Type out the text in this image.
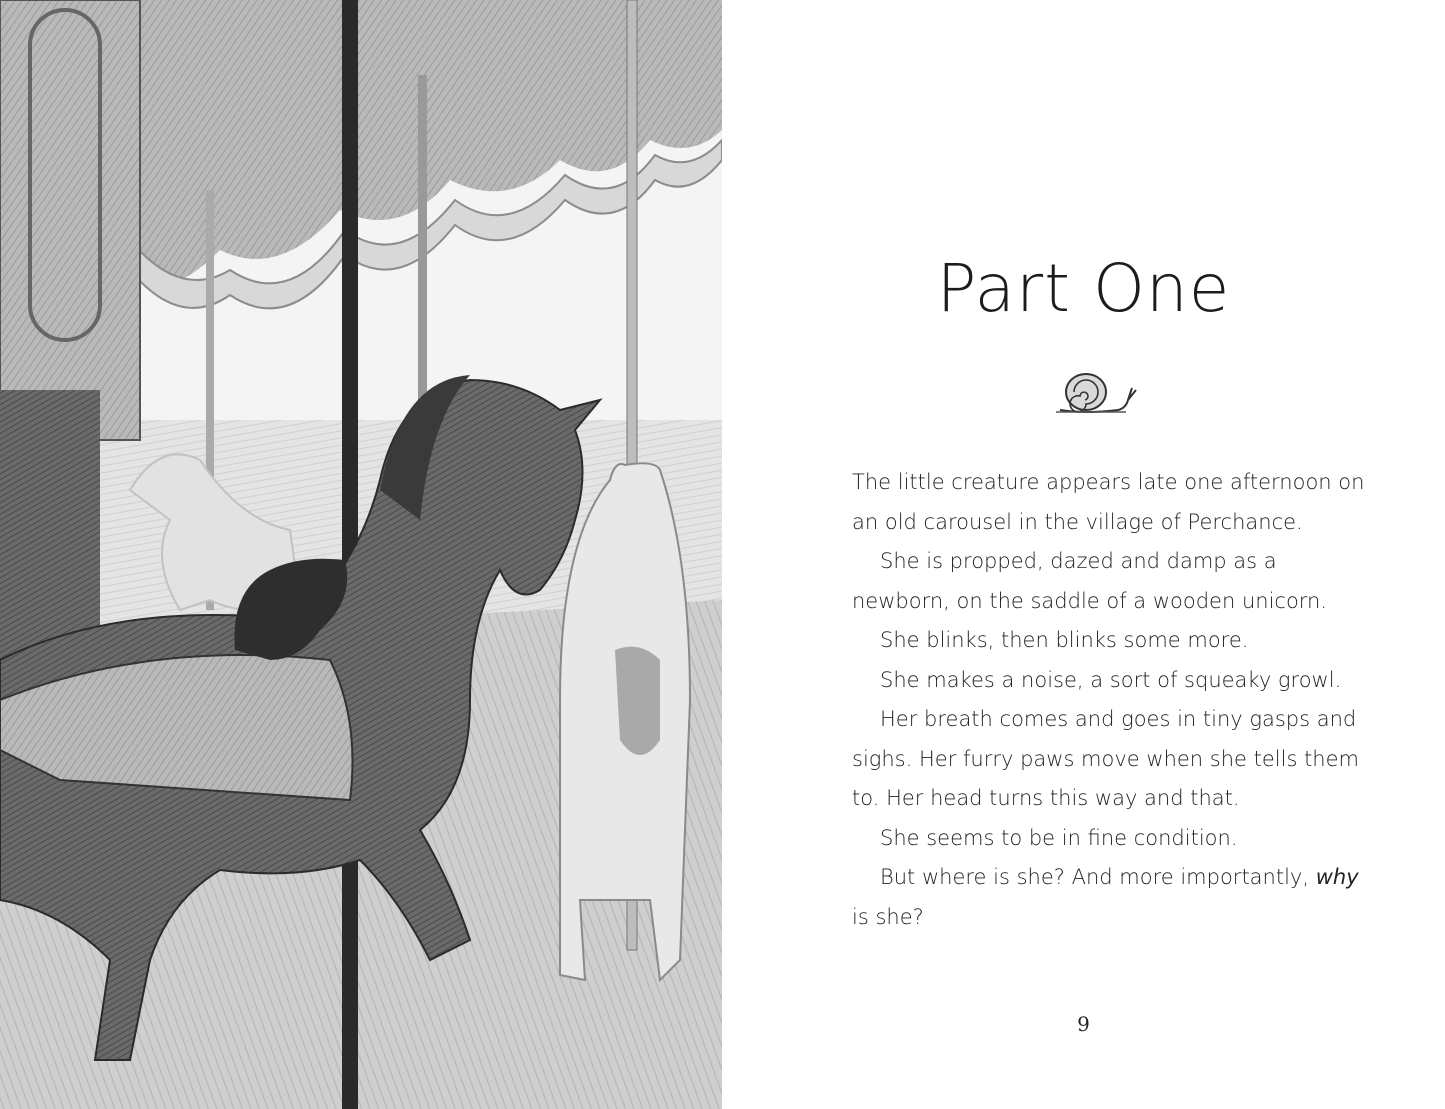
Part One

The little creature appears late one afternoon on an old carousel in the village of Perchance.

She is propped, dazed and damp as a newborn, on the saddle of a wooden unicorn.

She blinks, then blinks some more.

She makes a noise, a sort of squeaky growl.

Her breath comes and goes in tiny gasps and sighs. Her furry paws move when she tells them to. Her head turns this way and that.

She seems to be in fine condition.

But where is she? And more importantly, why is she?

9
